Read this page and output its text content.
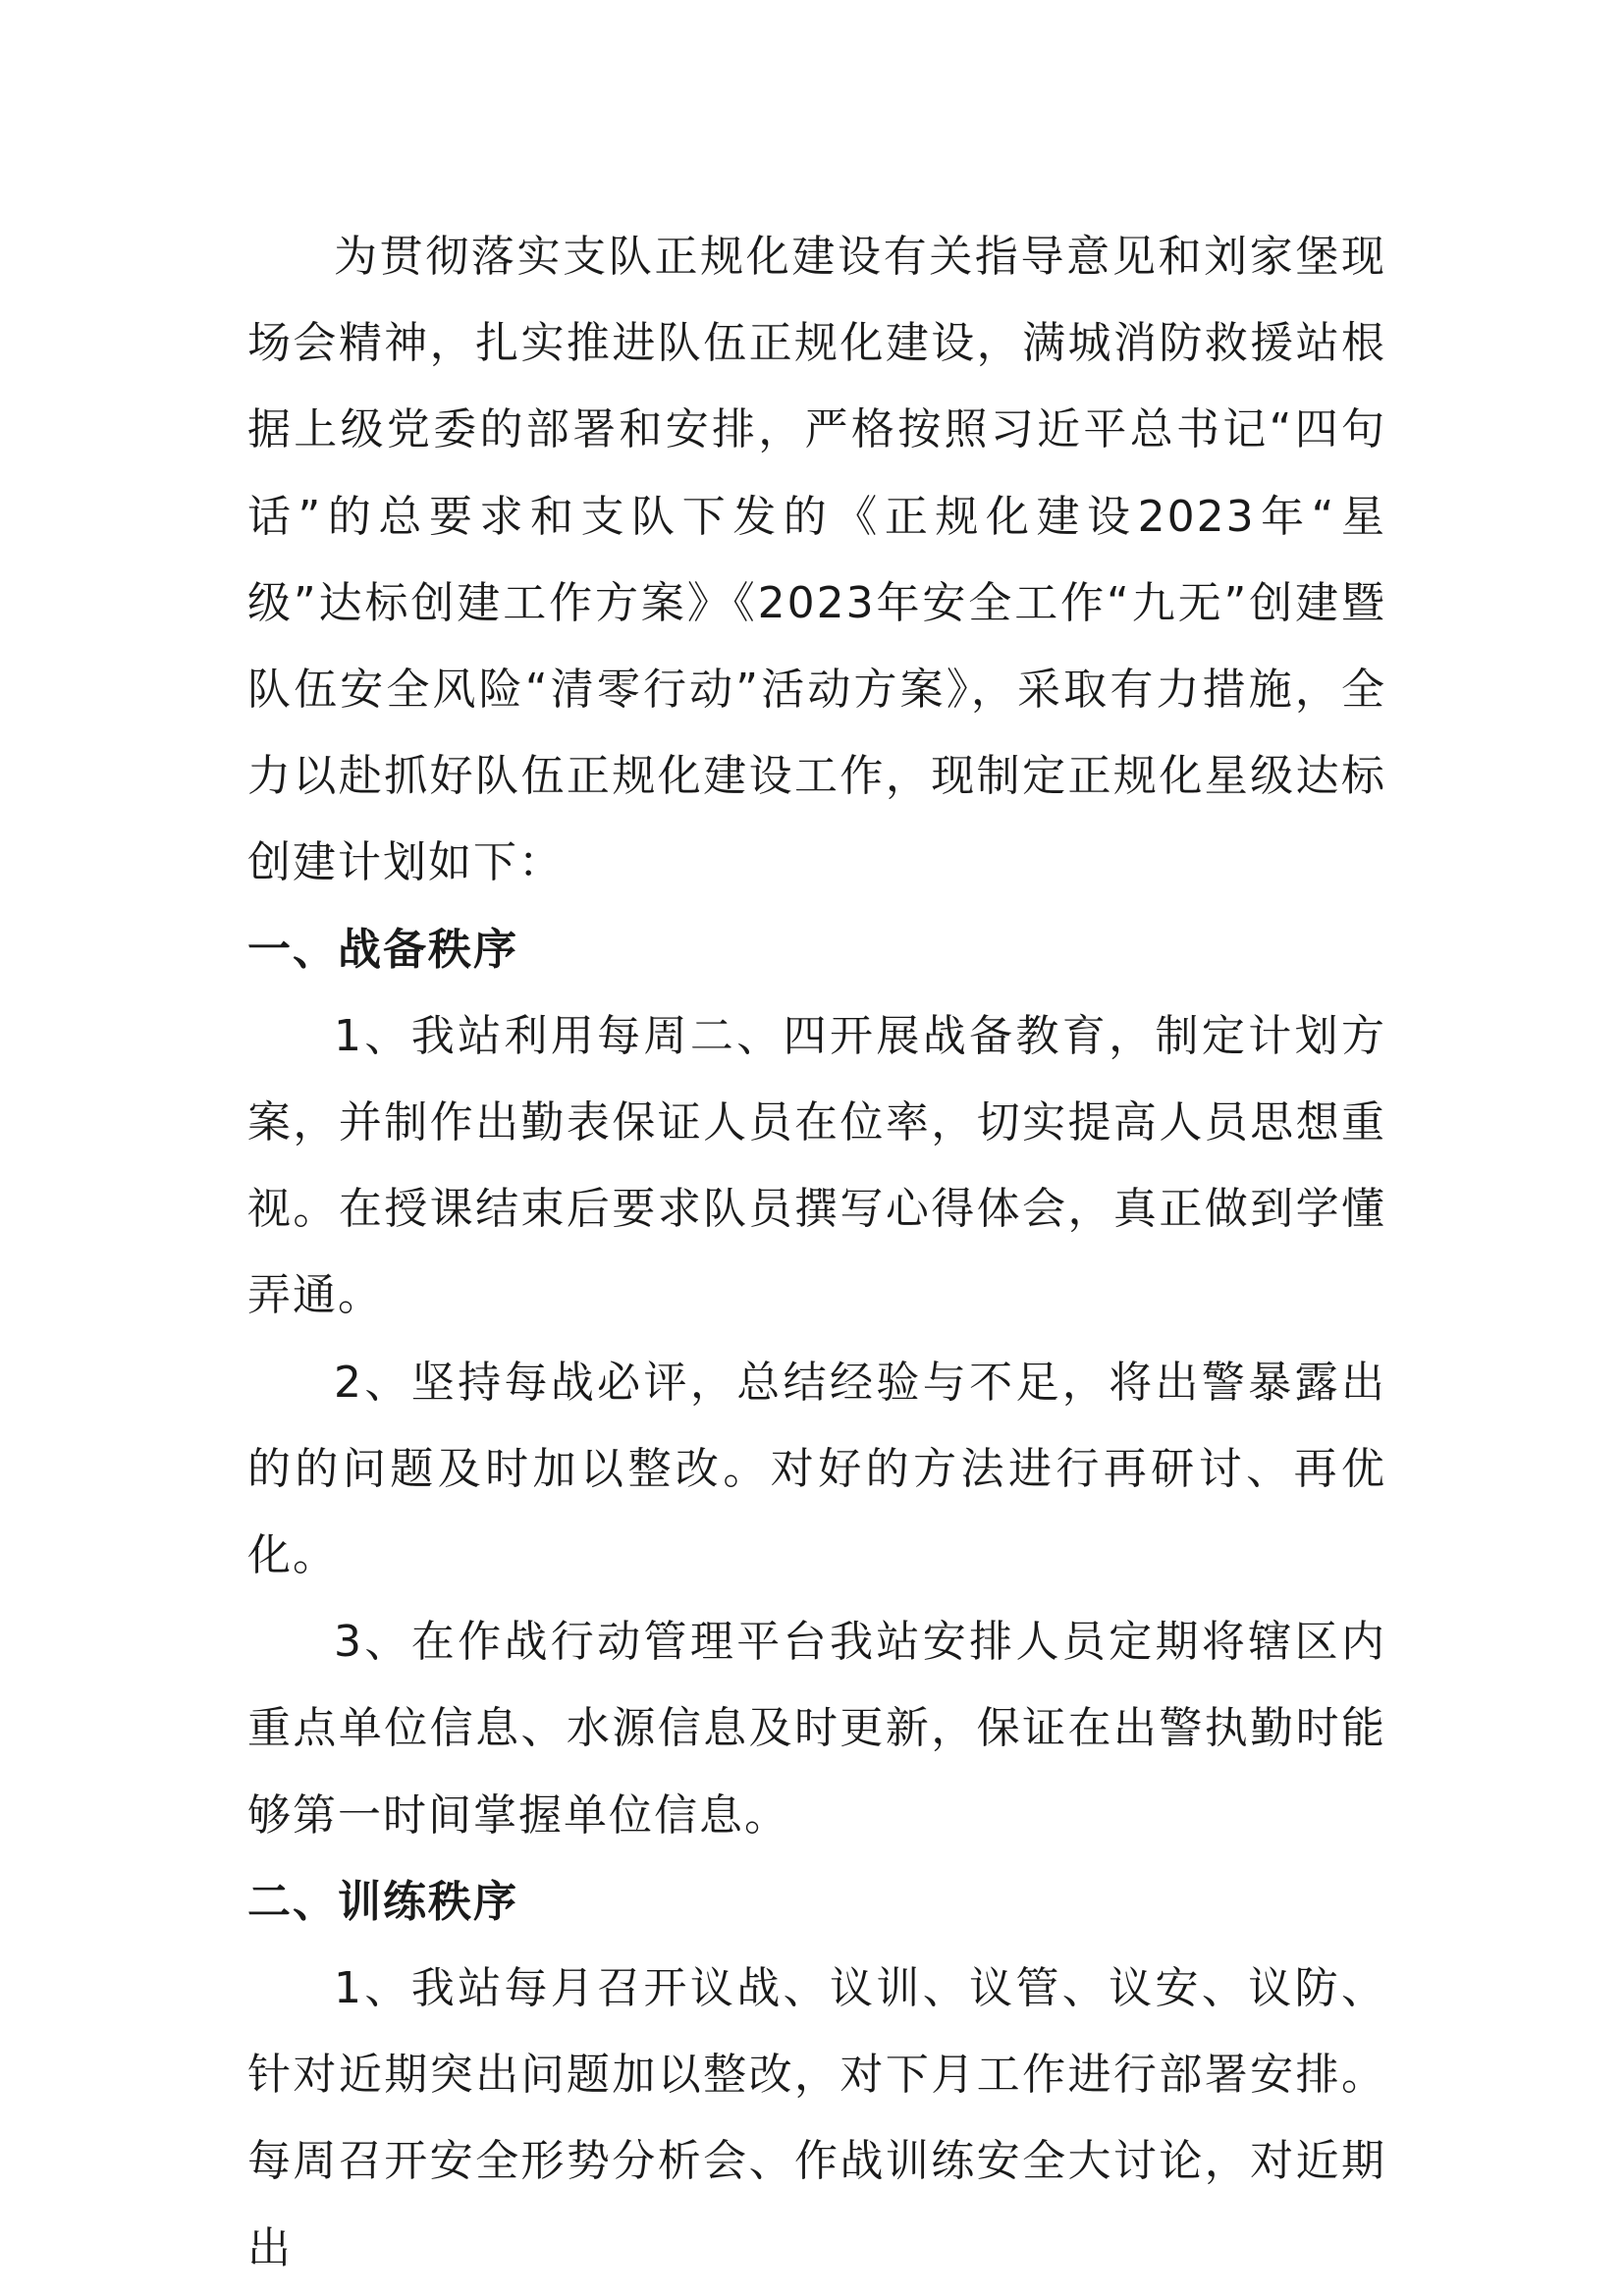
为贯彻落实支队正规化建设有关指导意见和刘家堡现场会精神，扎实推进队伍正规化建设，满城消防救援站根据上级党委的部署和安排，严格按照习近平总书记“四句话”的总要求和支队下发的《正规化建设2023年“星级”达标创建工作方案》《2023年安全工作“九无”创建暨队伍安全风险“清零行动”活动方案》，采取有力措施，全力以赴抓好队伍正规化建设工作，现制定正规化星级达标创建计划如下：

一、战备秩序

1、我站利用每周二、四开展战备教育，制定计划方案，并制作出勤表保证人员在位率，切实提高人员思想重视。在授课结束后要求队员撰写心得体会，真正做到学懂弄通。

2、坚持每战必评，总结经验与不足，将出警暴露出的的问题及时加以整改。对好的方法进行再研讨、再优化。

3、在作战行动管理平台我站安排人员定期将辖区内重点单位信息、水源信息及时更新，保证在出警执勤时能够第一时间掌握单位信息。

二、训练秩序

1、我站每月召开议战、议训、议管、议安、议防、针对近期突出问题加以整改，对下月工作进行部署安排。每周召开安全形势分析会、作战训练安全大讨论，对近期出
